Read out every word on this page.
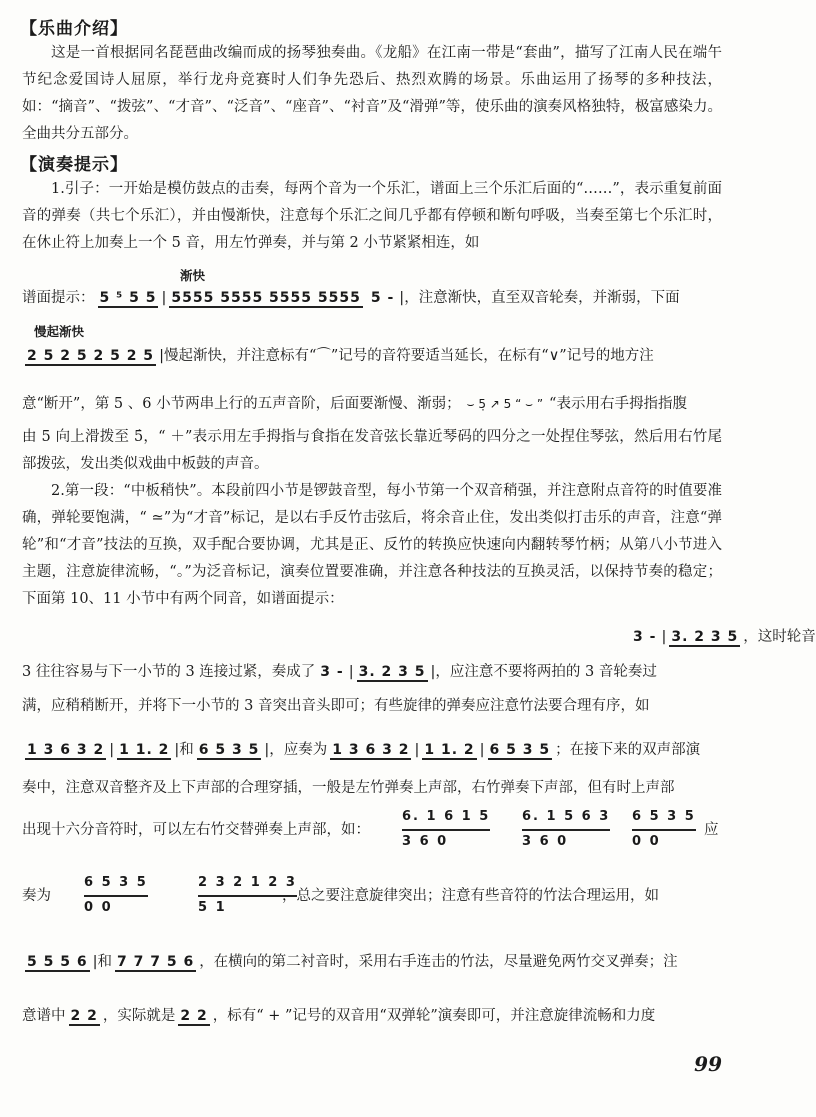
【乐曲介绍】

这是一首根据同名琵琶曲改编而成的扬琴独奏曲。《龙船》在江南一带是“套曲”，描写了江南人民在端午节纪念爱国诗人屈原，举行龙舟竞赛时人们争先恐后、热烈欢腾的场景。乐曲运用了扬琴的多种技法，如：“摘音”、“拨弦”、“才音”、“泛音”、“座音”、“衬音”及“滑弹”等，使乐曲的演奏风格独特，极富感染力。全曲共分五部分。

【演奏提示】

1.引子：一开始是模仿鼓点的击奏，每两个音为一个乐汇，谱面上三个乐汇后面的“……”，表示重复前面音的弹奏（共七个乐汇），并由慢渐快，注意每个乐汇之间几乎都有停顿和断句呼吸，当奏至第七个乐汇时，在休止符上加奏上一个 5 音，用左竹弹奏，并与第 2 小节紧紧相连，如

渐快
谱面提示： 5 ⁵ 5 5 | 5555 5555 5555 5555 5 - |，注意渐快，直至双音轮奏，并渐弱，下面
慢起渐快
2 5 2 5 2 5 2 5 |慢起渐快，并注意标有“⌒”记号的音符要适当延长，在标有“∨”记号的地方注
意“断开”，第 5 、6 小节两串上行的五声音阶，后面要渐慢、渐弱； ⌣ 5̣ ↗ 5 “ ⌣ ” “表示用右手拇指指腹

由 5 向上滑拨至 5̇，“ ＋”表示用左手拇指与食指在发音弦长靠近琴码的四分之一处捏住琴弦，然后用右竹尾部拨弦，发出类似戏曲中板鼓的声音。

2.第一段：“中板稍快”。本段前四小节是锣鼓音型，每小节第一个双音稍强，并注意附点音符的时值要准确，弹轮要饱满，“ ≃”为“才音”标记，是以右手反竹击弦后，将余音止住，发出类似打击乐的声音，注意“弹轮”和“才音”技法的互换，双手配合要协调，尤其是正、反竹的转换应快速向内翻转琴竹柄；从第八小节进入主题，注意旋律流畅，“。”为泛音标记，演奏位置要准确，并注意各种技法的互换灵活，以保持节奏的稳定；下面第 10、11 小节中有两个同音，如谱面提示：

3 - | 3. 2 3 5 ，这时轮音
3 往往容易与下一小节的 3 连接过紧，奏成了 3 - | 3. 2 3 5 |，应注意不要将两拍的 3 音轮奏过
满，应稍稍断开，并将下一小节的 3 音突出音头即可；有些旋律的弹奏应注意竹法要合理有序，如
1 3 6 3 2 | 1 1. 2 |和 6 5 3 5 |，应奏为 1 3 6 3 2 | 1 1. 2 | 6 5 3 5 ；在接下来的双声部演
奏中，注意双音整齐及上下声部的合理穿插，一般是左竹弹奏上声部，右竹弹奏下声部，但有时上声部
出现十六分音符时，可以左右竹交替弹奏上声部，如：
6. 1 6 1 5
3 6 0
6. 1 5 6 3
3 6 0
6 5 3 5
0 0
应
奏为
6 5 3 5
0 0
2 3 2 1 2 3
5 1
，总之要注意旋律突出；注意有些音符的竹法合理运用，如
5 5 5 6 |和 7 7 7 5 6 ，在横向的第二衬音时，采用右手连击的竹法，尽量避免两竹交叉弹奏；注
意谱中 2 2 ，实际就是 2 2 ，标有“ + ”记号的双音用“双弹轮”演奏即可，并注意旋律流畅和力度
99
